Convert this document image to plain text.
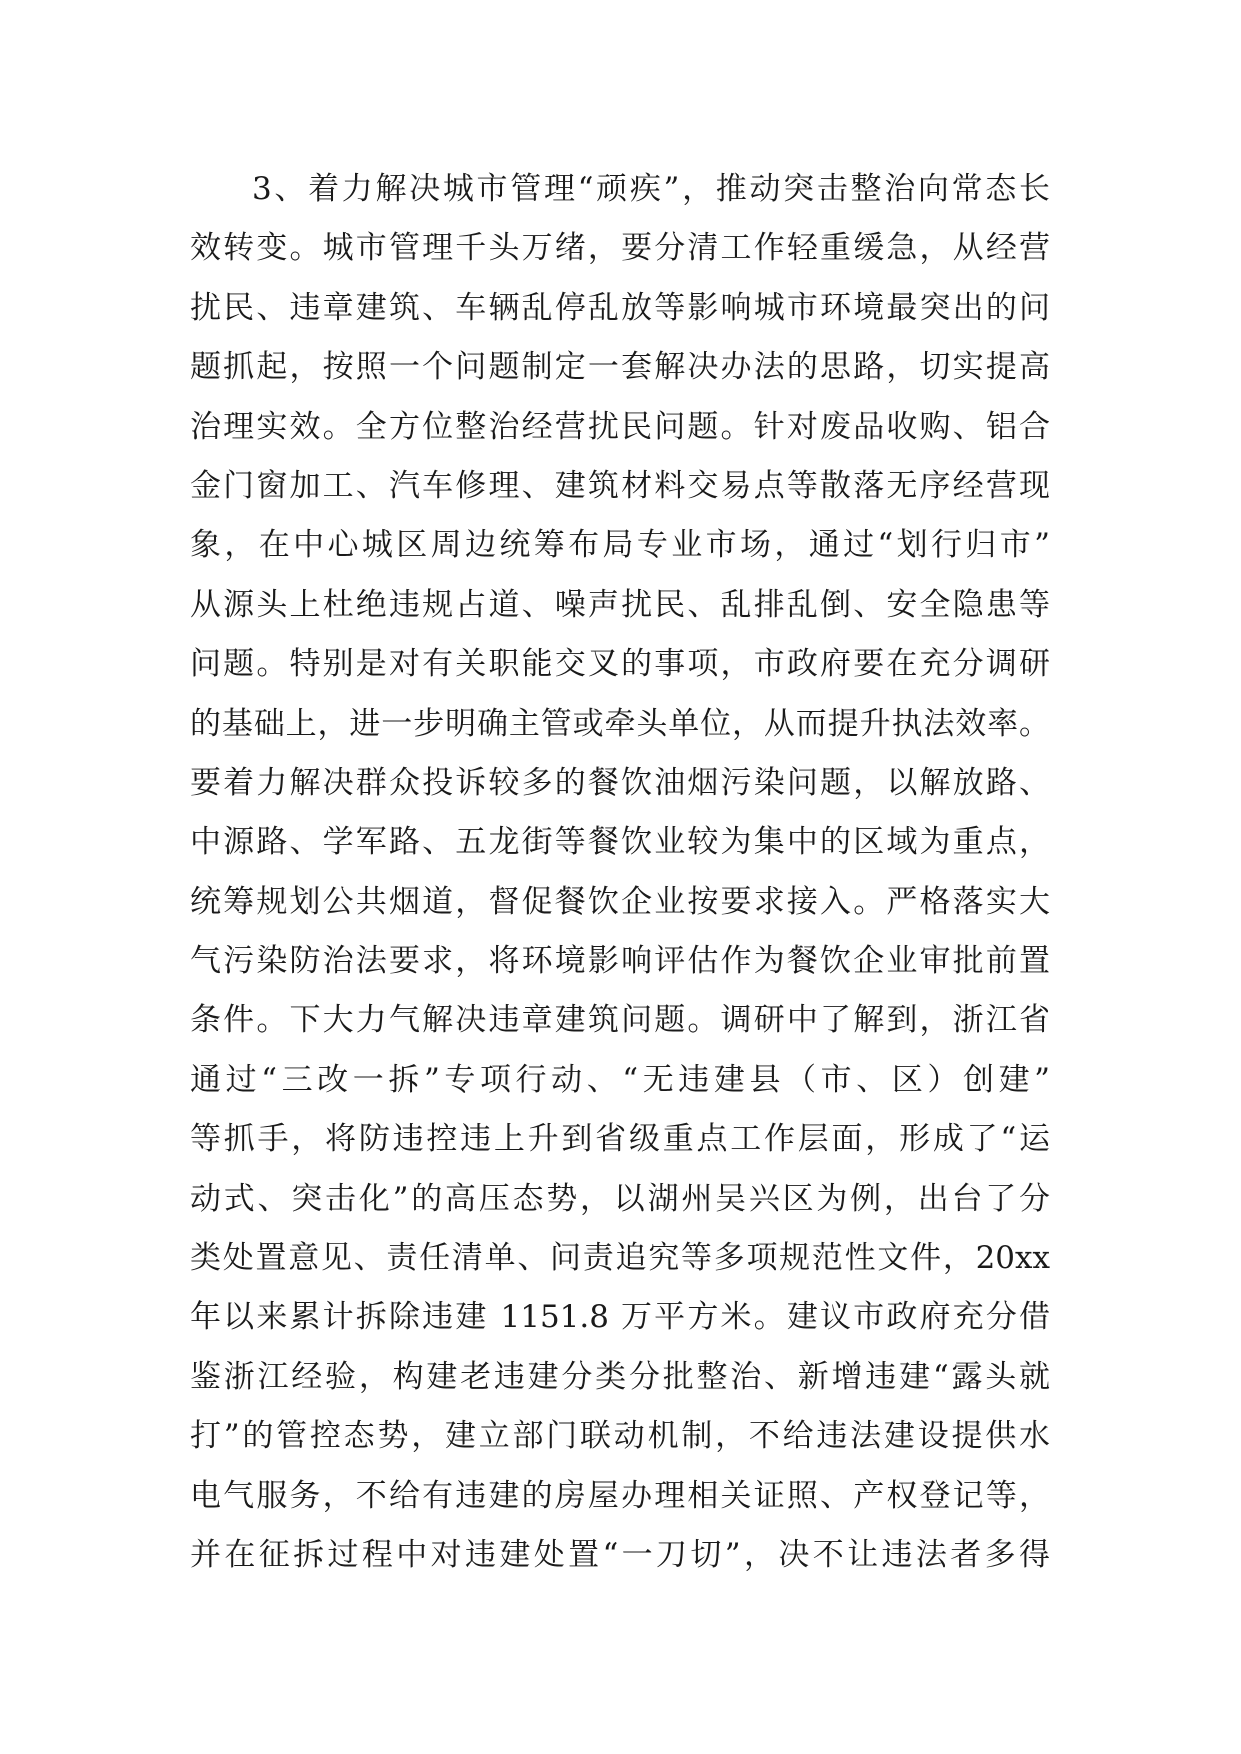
3、着力解决城市管理“顽疾”，推动突击整治向常态长
效转变。城市管理千头万绪，要分清工作轻重缓急，从经营
扰民、违章建筑、车辆乱停乱放等影响城市环境最突出的问
题抓起，按照一个问题制定一套解决办法的思路，切实提高
治理实效。全方位整治经营扰民问题。针对废品收购、铝合
金门窗加工、汽车修理、建筑材料交易点等散落无序经营现
象，在中心城区周边统筹布局专业市场，通过“划行归市”
从源头上杜绝违规占道、噪声扰民、乱排乱倒、安全隐患等
问题。特别是对有关职能交叉的事项，市政府要在充分调研
的基础上，进一步明确主管或牵头单位，从而提升执法效率。
要着力解决群众投诉较多的餐饮油烟污染问题，以解放路、
中源路、学军路、五龙街等餐饮业较为集中的区域为重点，
统筹规划公共烟道，督促餐饮企业按要求接入。严格落实大
气污染防治法要求，将环境影响评估作为餐饮企业审批前置
条件。下大力气解决违章建筑问题。调研中了解到，浙江省
通过“三改一拆”专项行动、“无违建县（市、区）创建”
等抓手，将防违控违上升到省级重点工作层面，形成了“运
动式、突击化”的高压态势，以湖州吴兴区为例，出台了分
类处置意见、责任清单、问责追究等多项规范性文件，20xx
年以来累计拆除违建 1151.8 万平方米。建议市政府充分借
鉴浙江经验，构建老违建分类分批整治、新增违建“露头就
打”的管控态势，建立部门联动机制，不给违法建设提供水
电气服务，不给有违建的房屋办理相关证照、产权登记等，
并在征拆过程中对违建处置“一刀切”，决不让违法者多得
